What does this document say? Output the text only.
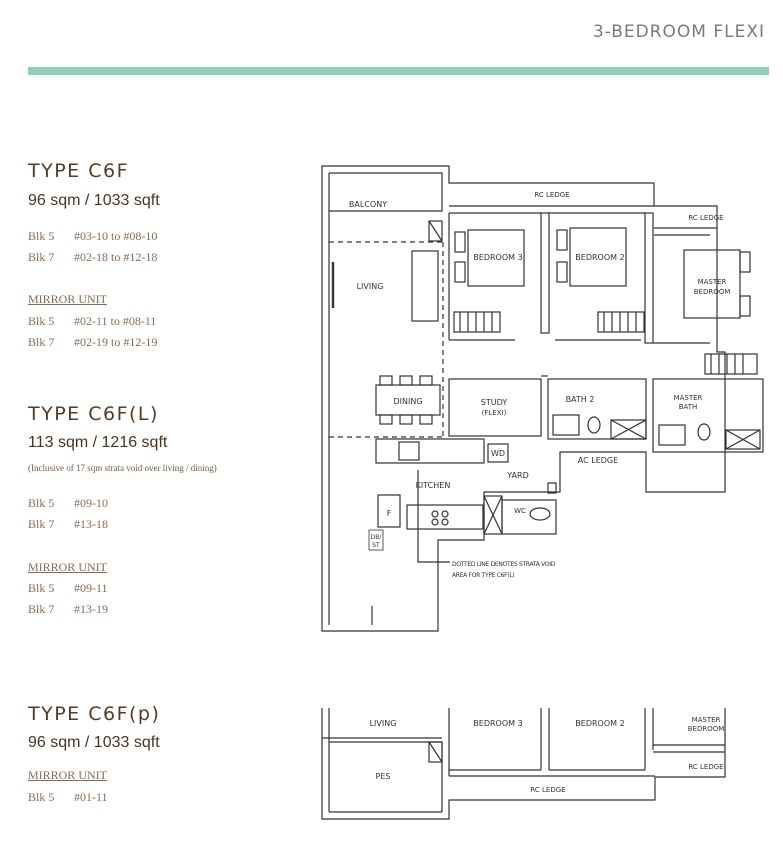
3-BEDROOM FLEXI
TYPE C6F
96 sqm / 1033 sqft
Blk 5 #03-10 to #08-10
Blk 7 #02-18 to #12-18
MIRROR UNIT
Blk 5 #02-11 to #08-11
Blk 7 #02-19 to #12-19
TYPE C6F(L)
113 sqm / 1216 sqft
(Inclusive of 17 sqm strata void over living / dining)
Blk 5 #09-10
Blk 7 #13-18
MIRROR UNIT
Blk 5 #09-11
Blk 7 #13-19
TYPE C6F(p)
96 sqm / 1033 sqft
MIRROR UNIT
Blk 5 #01-11
BALCONY
RC LEDGE
RC LEDGE
LIVING
BEDROOM 3	BEDROOM 2
MASTER
BEDROOM
DINING	STUDY
(FLEXI)
BATH 2	MASTER
BATH
AC LEDGE
WD
YARD
KITCHEN
F	WC
DB/
ST
DOTTED LINE DENOTES STRATA VOID
AREA FOR TYPE C6F(L)
LIVING	BEDROOM 3	BEDROOM 2	MASTER
BEDROOM
PES
RC LEDGE
RC LEDGE
